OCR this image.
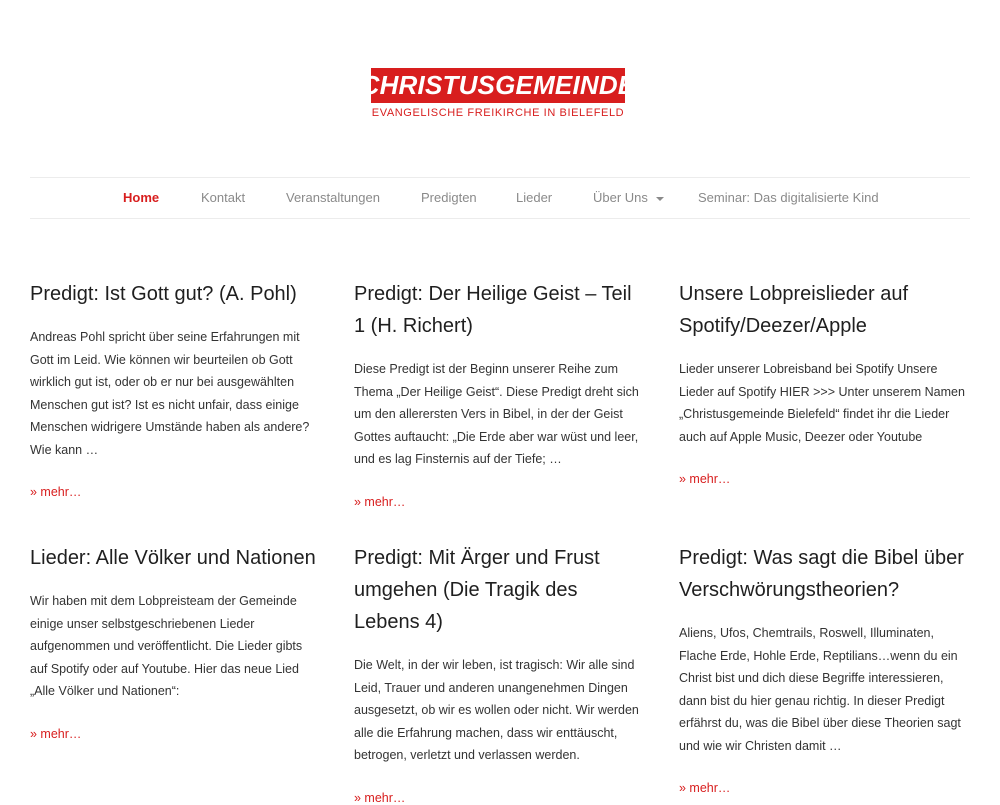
CHRISTUSGEMEINDE
EVANGELISCHE FREIKIRCHE IN BIELEFELD
Home	Kontakt	Veranstaltungen	Predigten	Lieder	Über Uns	Seminar: Das digitalisierte Kind
Predigt: Ist Gott gut? (A. Pohl)

Andreas Pohl spricht über seine Erfahrungen mit Gott im Leid. Wie können wir beurteilen ob Gott wirklich gut ist, oder ob er nur bei ausgewählten Menschen gut ist? Ist es nicht unfair, dass einige Menschen widrigere Umstände haben als andere? Wie kann …

» mehr…
Predigt: Der Heilige Geist – Teil 1 (H. Richert)

Diese Predigt ist der Beginn unserer Reihe zum Thema „Der Heilige Geist“. Diese Predigt dreht sich um den allerersten Vers in Bibel, in der der Geist Gottes auftaucht: „Die Erde aber war wüst und leer, und es lag Finsternis auf der Tiefe; …

» mehr…
Unsere Lobpreislieder auf Spotify/Deezer/Apple

Lieder unserer Lobreisband bei Spotify Unsere Lieder auf Spotify HIER >>> Unter unserem Namen „Christusgemeinde Bielefeld“ findet ihr die Lieder auch auf Apple Music, Deezer oder Youtube

» mehr…
Lieder: Alle Völker und Nationen

Wir haben mit dem Lobpreisteam der Gemeinde einige unser selbstgeschriebenen Lieder aufgenommen und veröffentlicht. Die Lieder gibts auf Spotify oder auf Youtube. Hier das neue Lied „Alle Völker und Nationen“:

» mehr…
Predigt: Mit Ärger und Frust umgehen (Die Tragik des Lebens 4)

Die Welt, in der wir leben, ist tragisch: Wir alle sind Leid, Trauer und anderen unangenehmen Dingen ausgesetzt, ob wir es wollen oder nicht. Wir werden alle die Erfahrung machen, dass wir enttäuscht, betrogen, verletzt und verlassen werden.

» mehr…
Predigt: Was sagt die Bibel über Verschwörungstheorien?

Aliens, Ufos, Chemtrails, Roswell, Illuminaten, Flache Erde, Hohle Erde, Reptilians…wenn du ein Christ bist und dich diese Begriffe interessieren, dann bist du hier genau richtig. In dieser Predigt erfährst du, was die Bibel über diese Theorien sagt und wie wir Christen damit …

» mehr…
